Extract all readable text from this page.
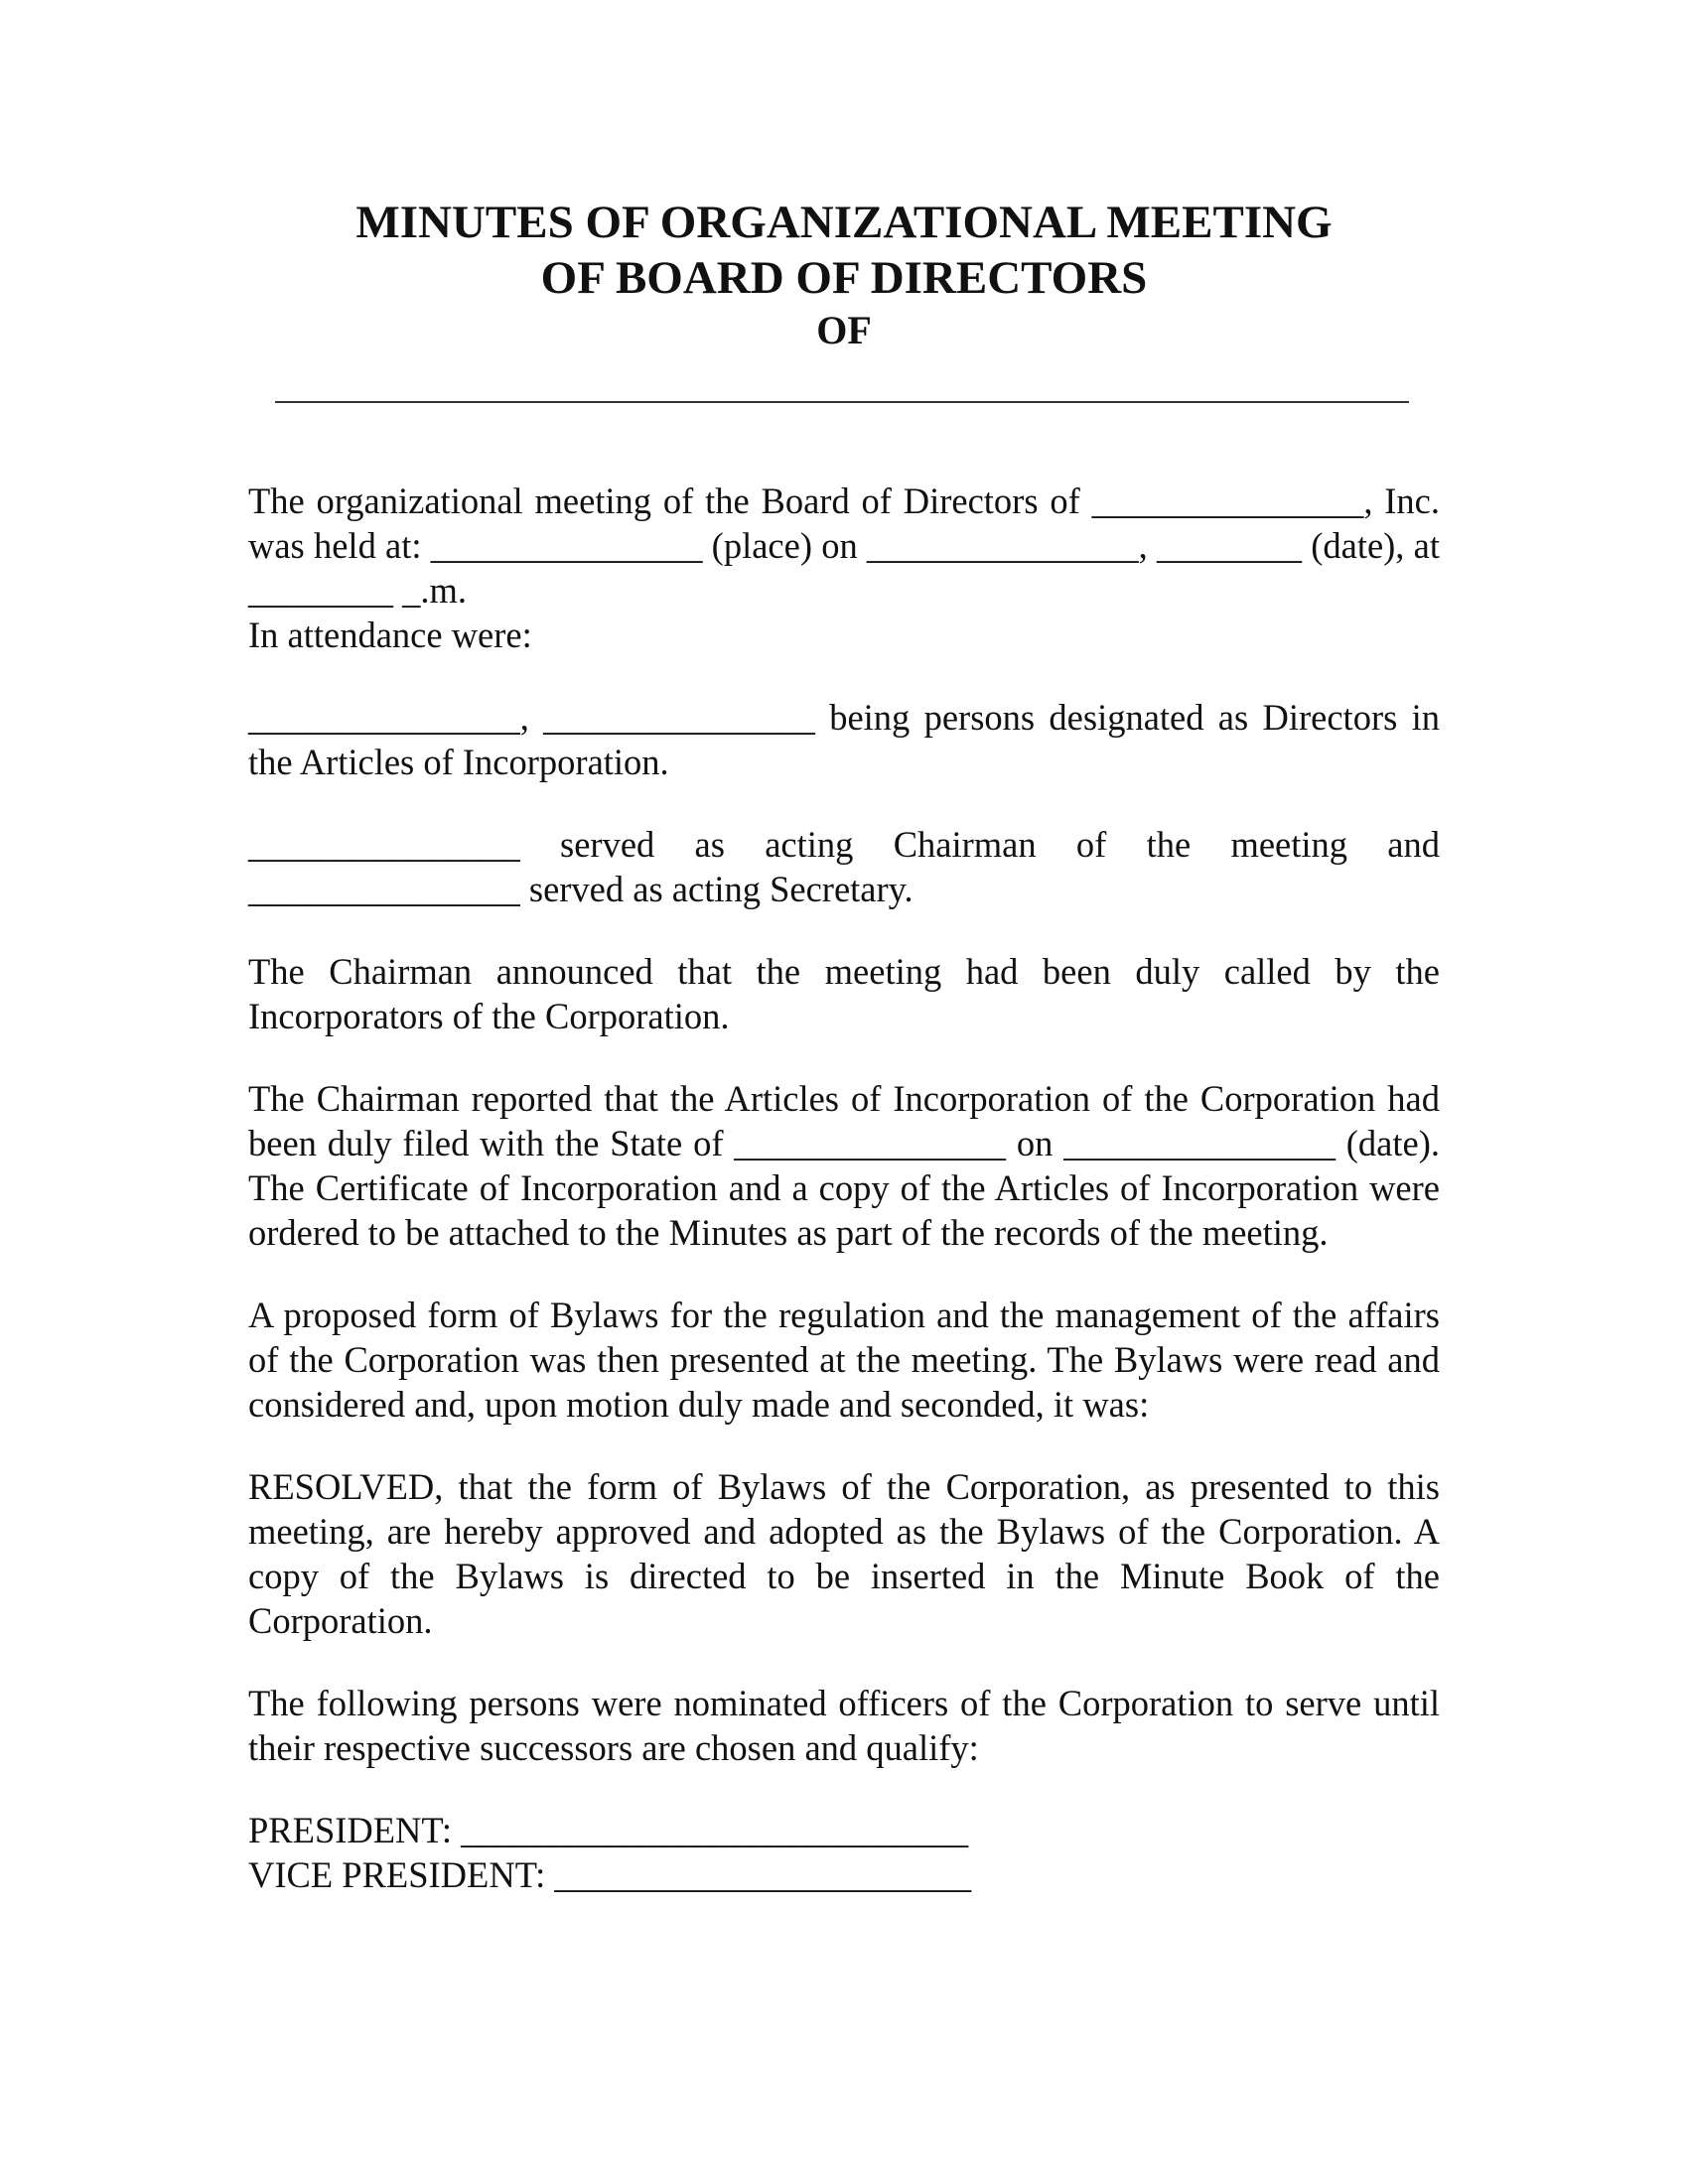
MINUTES OF ORGANIZATIONAL MEETING
OF BOARD OF DIRECTORS
OF
The organizational meeting of the Board of Directors of _______________, Inc. was held at: _______________ (place) on _______________, ________ (date), at ________ _.m.
In attendance were:

_______________, _______________ being persons designated as Directors in the Articles of Incorporation.

_______________ served as acting Chairman of the meeting and _______________ served as acting Secretary.

The Chairman announced that the meeting had been duly called by the Incorporators of the Corporation.

The Chairman reported that the Articles of Incorporation of the Corporation had been duly filed with the State of _______________ on _______________ (date). The Certificate of Incorporation and a copy of the Articles of Incorporation were ordered to be attached to the Minutes as part of the records of the meeting.

A proposed form of Bylaws for the regulation and the management of the affairs of the Corporation was then presented at the meeting. The Bylaws were read and considered and, upon motion duly made and seconded, it was:

RESOLVED, that the form of Bylaws of the Corporation, as presented to this meeting, are hereby approved and adopted as the Bylaws of the Corporation. A copy of the Bylaws is directed to be inserted in the Minute Book of the Corporation.

The following persons were nominated officers of the Corporation to serve until their respective successors are chosen and qualify:

PRESIDENT: ____________________________

VICE PRESIDENT: _______________________
